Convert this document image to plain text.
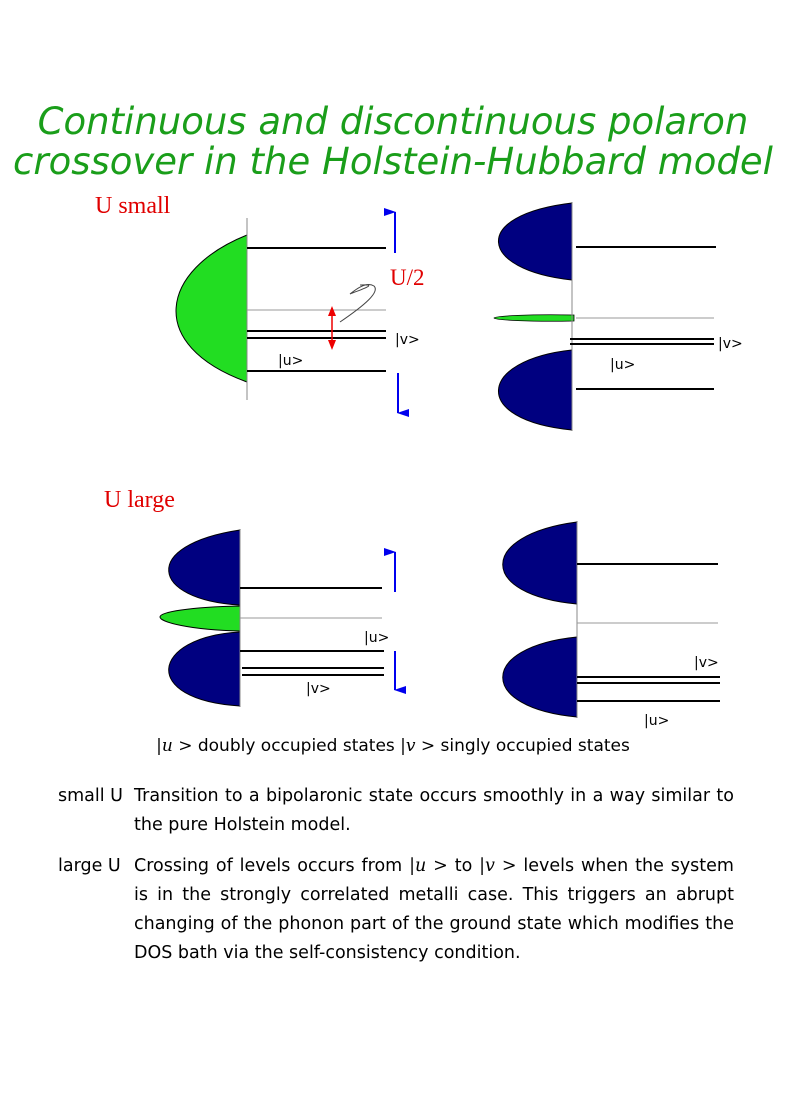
Continuous and discontinuous polaron
crossover in the Holstein-Hubbard model
U small
U large
U/2
|v>
|u>
|v>
|u>
|u>
|v>
|v>
|u>
|u > doubly occupied states |v > singly occupied states
small U Transition to a bipolaronic state occurs smoothly in a way similar to the pure Holstein model.
large U Crossing of levels occurs from |u > to |v > levels when the system is in the strongly correlated metalli case. This triggers an abrupt changing of the phonon part of the ground state which modifies the DOS bath via the self-consistency condition.
